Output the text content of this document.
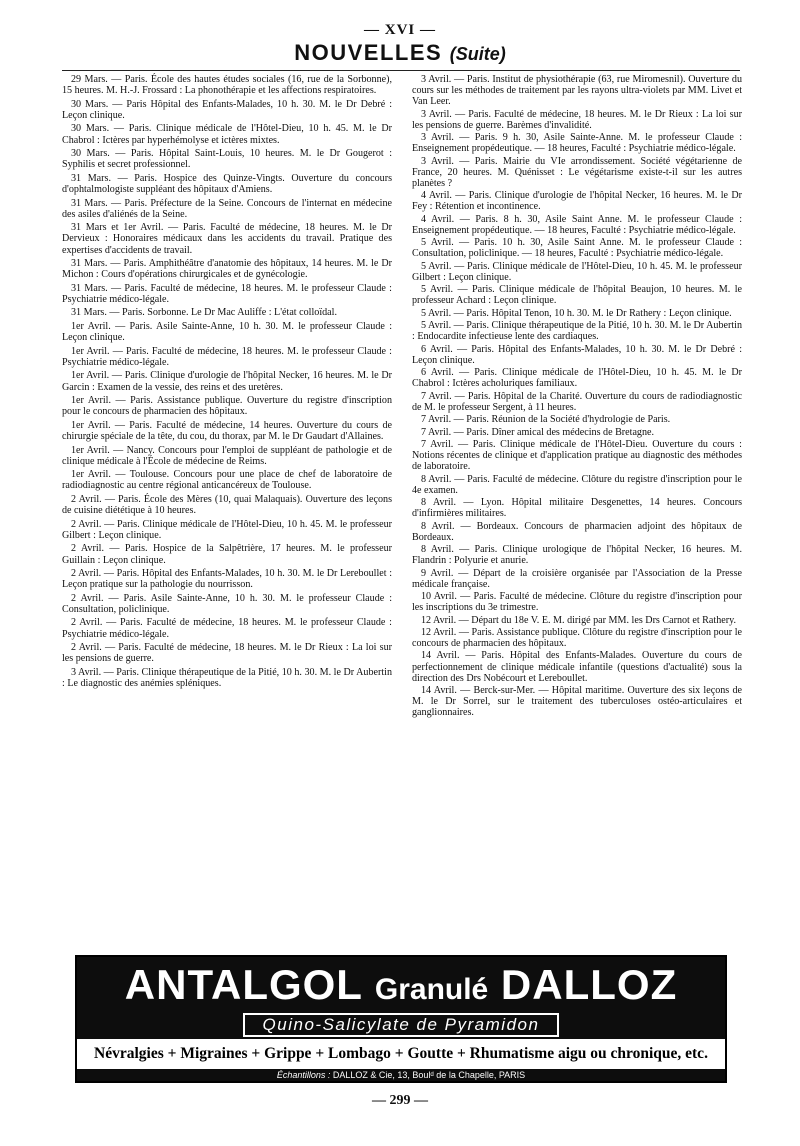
— XVI —
NOUVELLES (Suite)

29 Mars. — Paris. École des hautes études sociales (16, rue de la Sorbonne), 15 heures. M. H.-J. Frossard : La phonothérapie et les affections respiratoires.

30 Mars. — Paris Hôpital des Enfants-Malades, 10 h. 30. M. le Dr Debré : Leçon clinique.

30 Mars. — Paris. Clinique médicale de l'Hôtel-Dieu, 10 h. 45. M. le Dr Chabrol : Ictères par hyperhémolyse et ictères mixtes.

30 Mars. — Paris. Hôpital Saint-Louis, 10 heures. M. le Dr Gougerot : Syphilis et secret professionnel.

31 Mars. — Paris. Hospice des Quinze-Vingts. Ouverture du concours d'ophtalmologiste suppléant des hôpitaux d'Amiens.

31 Mars. — Paris. Préfecture de la Seine. Concours de l'internat en médecine des asiles d'aliénés de la Seine.

31 Mars et 1er Avril. — Paris. Faculté de médecine, 18 heures. M. le Dr Dervieux : Honoraires médicaux dans les accidents du travail. Pratique des expertises d'accidents de travail.

31 Mars. — Paris. Amphithéâtre d'anatomie des hôpitaux, 14 heures. M. le Dr Michon : Cours d'opérations chirurgicales et de gynécologie.

31 Mars. — Paris. Faculté de médecine, 18 heures. M. le professeur Claude : Psychiatrie médico-légale.

31 Mars. — Paris. Sorbonne. Le Dr Mac Auliffe : L'état colloïdal.

1er Avril. — Paris. Asile Sainte-Anne, 10 h. 30. M. le professeur Claude : Leçon clinique.

1er Avril. — Paris. Faculté de médecine, 18 heures. M. le professeur Claude : Psychiatrie médico-légale.

1er Avril. — Paris. Clinique d'urologie de l'hôpital Necker, 16 heures. M. le Dr Garcin : Examen de la vessie, des reins et des uretères.

1er Avril. — Paris. Assistance publique. Ouverture du registre d'inscription pour le concours de pharmacien des hôpitaux.

1er Avril. — Paris. Faculté de médecine, 14 heures. Ouverture du cours de chirurgie spéciale de la tête, du cou, du thorax, par M. le Dr Gaudart d'Allaines.

1er Avril. — Nancy. Concours pour l'emploi de suppléant de pathologie et de clinique médicale à l'École de médecine de Reims.

1er Avril. — Toulouse. Concours pour une place de chef de laboratoire de radiodiagnostic au centre régional anticancéreux de Toulouse.

2 Avril. — Paris. École des Mères (10, quai Malaquais). Ouverture des leçons de cuisine diététique à 10 heures.

2 Avril. — Paris. Clinique médicale de l'Hôtel-Dieu, 10 h. 45. M. le professeur Gilbert : Leçon clinique.

2 Avril. — Paris. Hospice de la Salpêtrière, 17 heures. M. le professeur Guillain : Leçon clinique.

2 Avril. — Paris. Hôpital des Enfants-Malades, 10 h. 30. M. le Dr Lereboullet : Leçon pratique sur la pathologie du nourrisson.

2 Avril. — Paris. Asile Sainte-Anne, 10 h. 30. M. le professeur Claude : Consultation, policlinique.

2 Avril. — Paris. Faculté de médecine, 18 heures. M. le professeur Claude : Psychiatrie médico-légale.

2 Avril. — Paris. Faculté de médecine, 18 heures. M. le Dr Rieux : La loi sur les pensions de guerre.

3 Avril. — Paris. Clinique thérapeutique de la Pitié, 10 h. 30. M. le Dr Aubertin : Le diagnostic des anémies spléniques.

3 Avril. — Paris. Institut de physiothérapie (63, rue Miromesnil). Ouverture du cours sur les méthodes de traitement par les rayons ultra-violets par MM. Livet et Van Leer.

3 Avril. — Paris. Faculté de médecine, 18 heures. M. le Dr Rieux : La loi sur les pensions de guerre. Barèmes d'invalidité.

3 Avril. — Paris. 9 h. 30, Asile Sainte-Anne. M. le professeur Claude : Enseignement propédeutique. — 18 heures, Faculté : Psychiatrie médico-légale.

3 Avril. — Paris. Mairie du VIe arrondissement. Société végétarienne de France, 20 heures. M. Quénisset : Le végétarisme existe-t-il sur les autres planètes ?

4 Avril. — Paris. Clinique d'urologie de l'hôpital Necker, 16 heures. M. le Dr Fey : Rétention et incontinence.

4 Avril. — Paris. 8 h. 30, Asile Saint Anne. M. le professeur Claude : Enseignement propédeutique. — 18 heures, Faculté : Psychiatrie médico-légale.

5 Avril. — Paris. 10 h. 30, Asile Saint Anne. M. le professeur Claude : Consultation, policlinique. — 18 heures, Faculté : Psychiatrie médico-légale.

5 Avril. — Paris. Clinique médicale de l'Hôtel-Dieu, 10 h. 45. M. le professeur Gilbert : Leçon clinique.

5 Avril. — Paris. Clinique médicale de l'hôpital Beaujon, 10 heures. M. le professeur Achard : Leçon clinique.

5 Avril. — Paris. Hôpital Tenon, 10 h. 30. M. le Dr Rathery : Leçon clinique.

5 Avril. — Paris. Clinique thérapeutique de la Pitié, 10 h. 30. M. le Dr Aubertin : Endocardite infectieuse lente des cardiaques.

6 Avril. — Paris. Hôpital des Enfants-Malades, 10 h. 30. M. le Dr Debré : Leçon clinique.

6 Avril. — Paris. Clinique médicale de l'Hôtel-Dieu, 10 h. 45. M. le Dr Chabrol : Ictères acholuriques familiaux.

7 Avril. — Paris. Hôpital de la Charité. Ouverture du cours de radiodiagnostic de M. le professeur Sergent, à 11 heures.

7 Avril. — Paris. Réunion de la Société d'hydrologie de Paris.

7 Avril. — Paris. Dîner amical des médecins de Bretagne.

7 Avril. — Paris. Clinique médicale de l'Hôtel-Dieu. Ouverture du cours : Notions récentes de clinique et d'application pratique au diagnostic des méthodes de laboratoire.

8 Avril. — Paris. Faculté de médecine. Clôture du registre d'inscription pour le 4e examen.

8 Avril. — Lyon. Hôpital militaire Desgenettes, 14 heures. Concours d'infirmières militaires.

8 Avril. — Bordeaux. Concours de pharmacien adjoint des hôpitaux de Bordeaux.

8 Avril. — Paris. Clinique urologique de l'hôpital Necker, 16 heures. M. Flandrin : Polyurie et anurie.

9 Avril. — Départ de la croisière organisée par l'Association de la Presse médicale française.

10 Avril. — Paris. Faculté de médecine. Clôture du registre d'inscription pour les inscriptions du 3e trimestre.

12 Avril. — Départ du 18e V. E. M. dirigé par MM. les Drs Carnot et Rathery.

12 Avril. — Paris. Assistance publique. Clôture du registre d'inscription pour le concours de pharmacien des hôpitaux.

14 Avril. — Paris. Hôpital des Enfants-Malades. Ouverture du cours de perfectionnement de clinique médicale infantile (questions d'actualité) sous la direction des Drs Nobécourt et Lereboullet.

14 Avril. — Berck-sur-Mer. — Hôpital maritime. Ouverture des six leçons de M. le Dr Sorrel, sur le traitement des tuberculoses ostéo-articulaires et ganglionnaires.

ANTALGOL Granulé DALLOZ
Quino-Salicylate de Pyramidon
Névralgies + Migraines + Grippe + Lombago + Goutte + Rhumatisme aigu ou chronique, etc.
Échantillons : DALLOZ & Cie, 13, Boulᵈ de la Chapelle, PARIS
— 299 —
